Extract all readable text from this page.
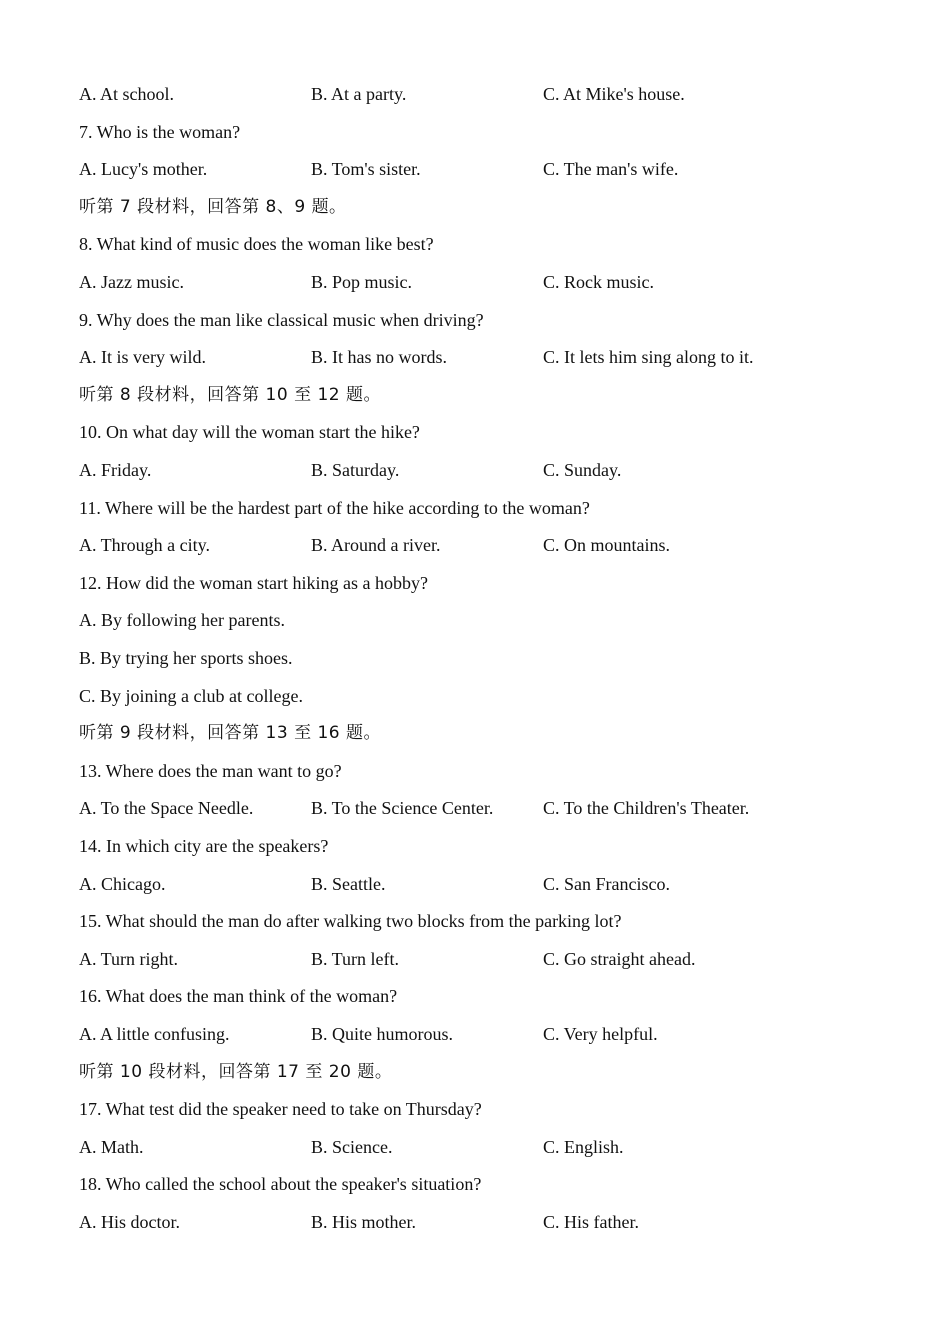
A. At school.	B. At a party.	C. At Mike's house.
7. Who is the woman?
A. Lucy's mother.	B. Tom's sister.	C. The man's wife.
听第 7 段材料，回答第 8、9 题。
8. What kind of music does the woman like best?
A. Jazz music.	B. Pop music.	C. Rock music.
9. Why does the man like classical music when driving?
A. It is very wild.	B. It has no words.	C. It lets him sing along to it.
听第 8 段材料，回答第 10 至 12 题。
10. On what day will the woman start the hike?
A. Friday.	B. Saturday.	C. Sunday.
11. Where will be the hardest part of the hike according to the woman?
A. Through a city.	B. Around a river.	C. On mountains.
12. How did the woman start hiking as a hobby?
A. By following her parents.
B. By trying her sports shoes.
C. By joining a club at college.
听第 9 段材料，回答第 13 至 16 题。
13. Where does the man want to go?
A. To the Space Needle.	B. To the Science Center.	C. To the Children's Theater.
14. In which city are the speakers?
A. Chicago.	B. Seattle.	C. San Francisco.
15. What should the man do after walking two blocks from the parking lot?
A. Turn right.	B. Turn left.	C. Go straight ahead.
16. What does the man think of the woman?
A. A little confusing.	B. Quite humorous.	C. Very helpful.
听第 10 段材料，回答第 17 至 20 题。
17. What test did the speaker need to take on Thursday?
A. Math.	B. Science.	C. English.
18. Who called the school about the speaker's situation?
A. His doctor.	B. His mother.	C. His father.
